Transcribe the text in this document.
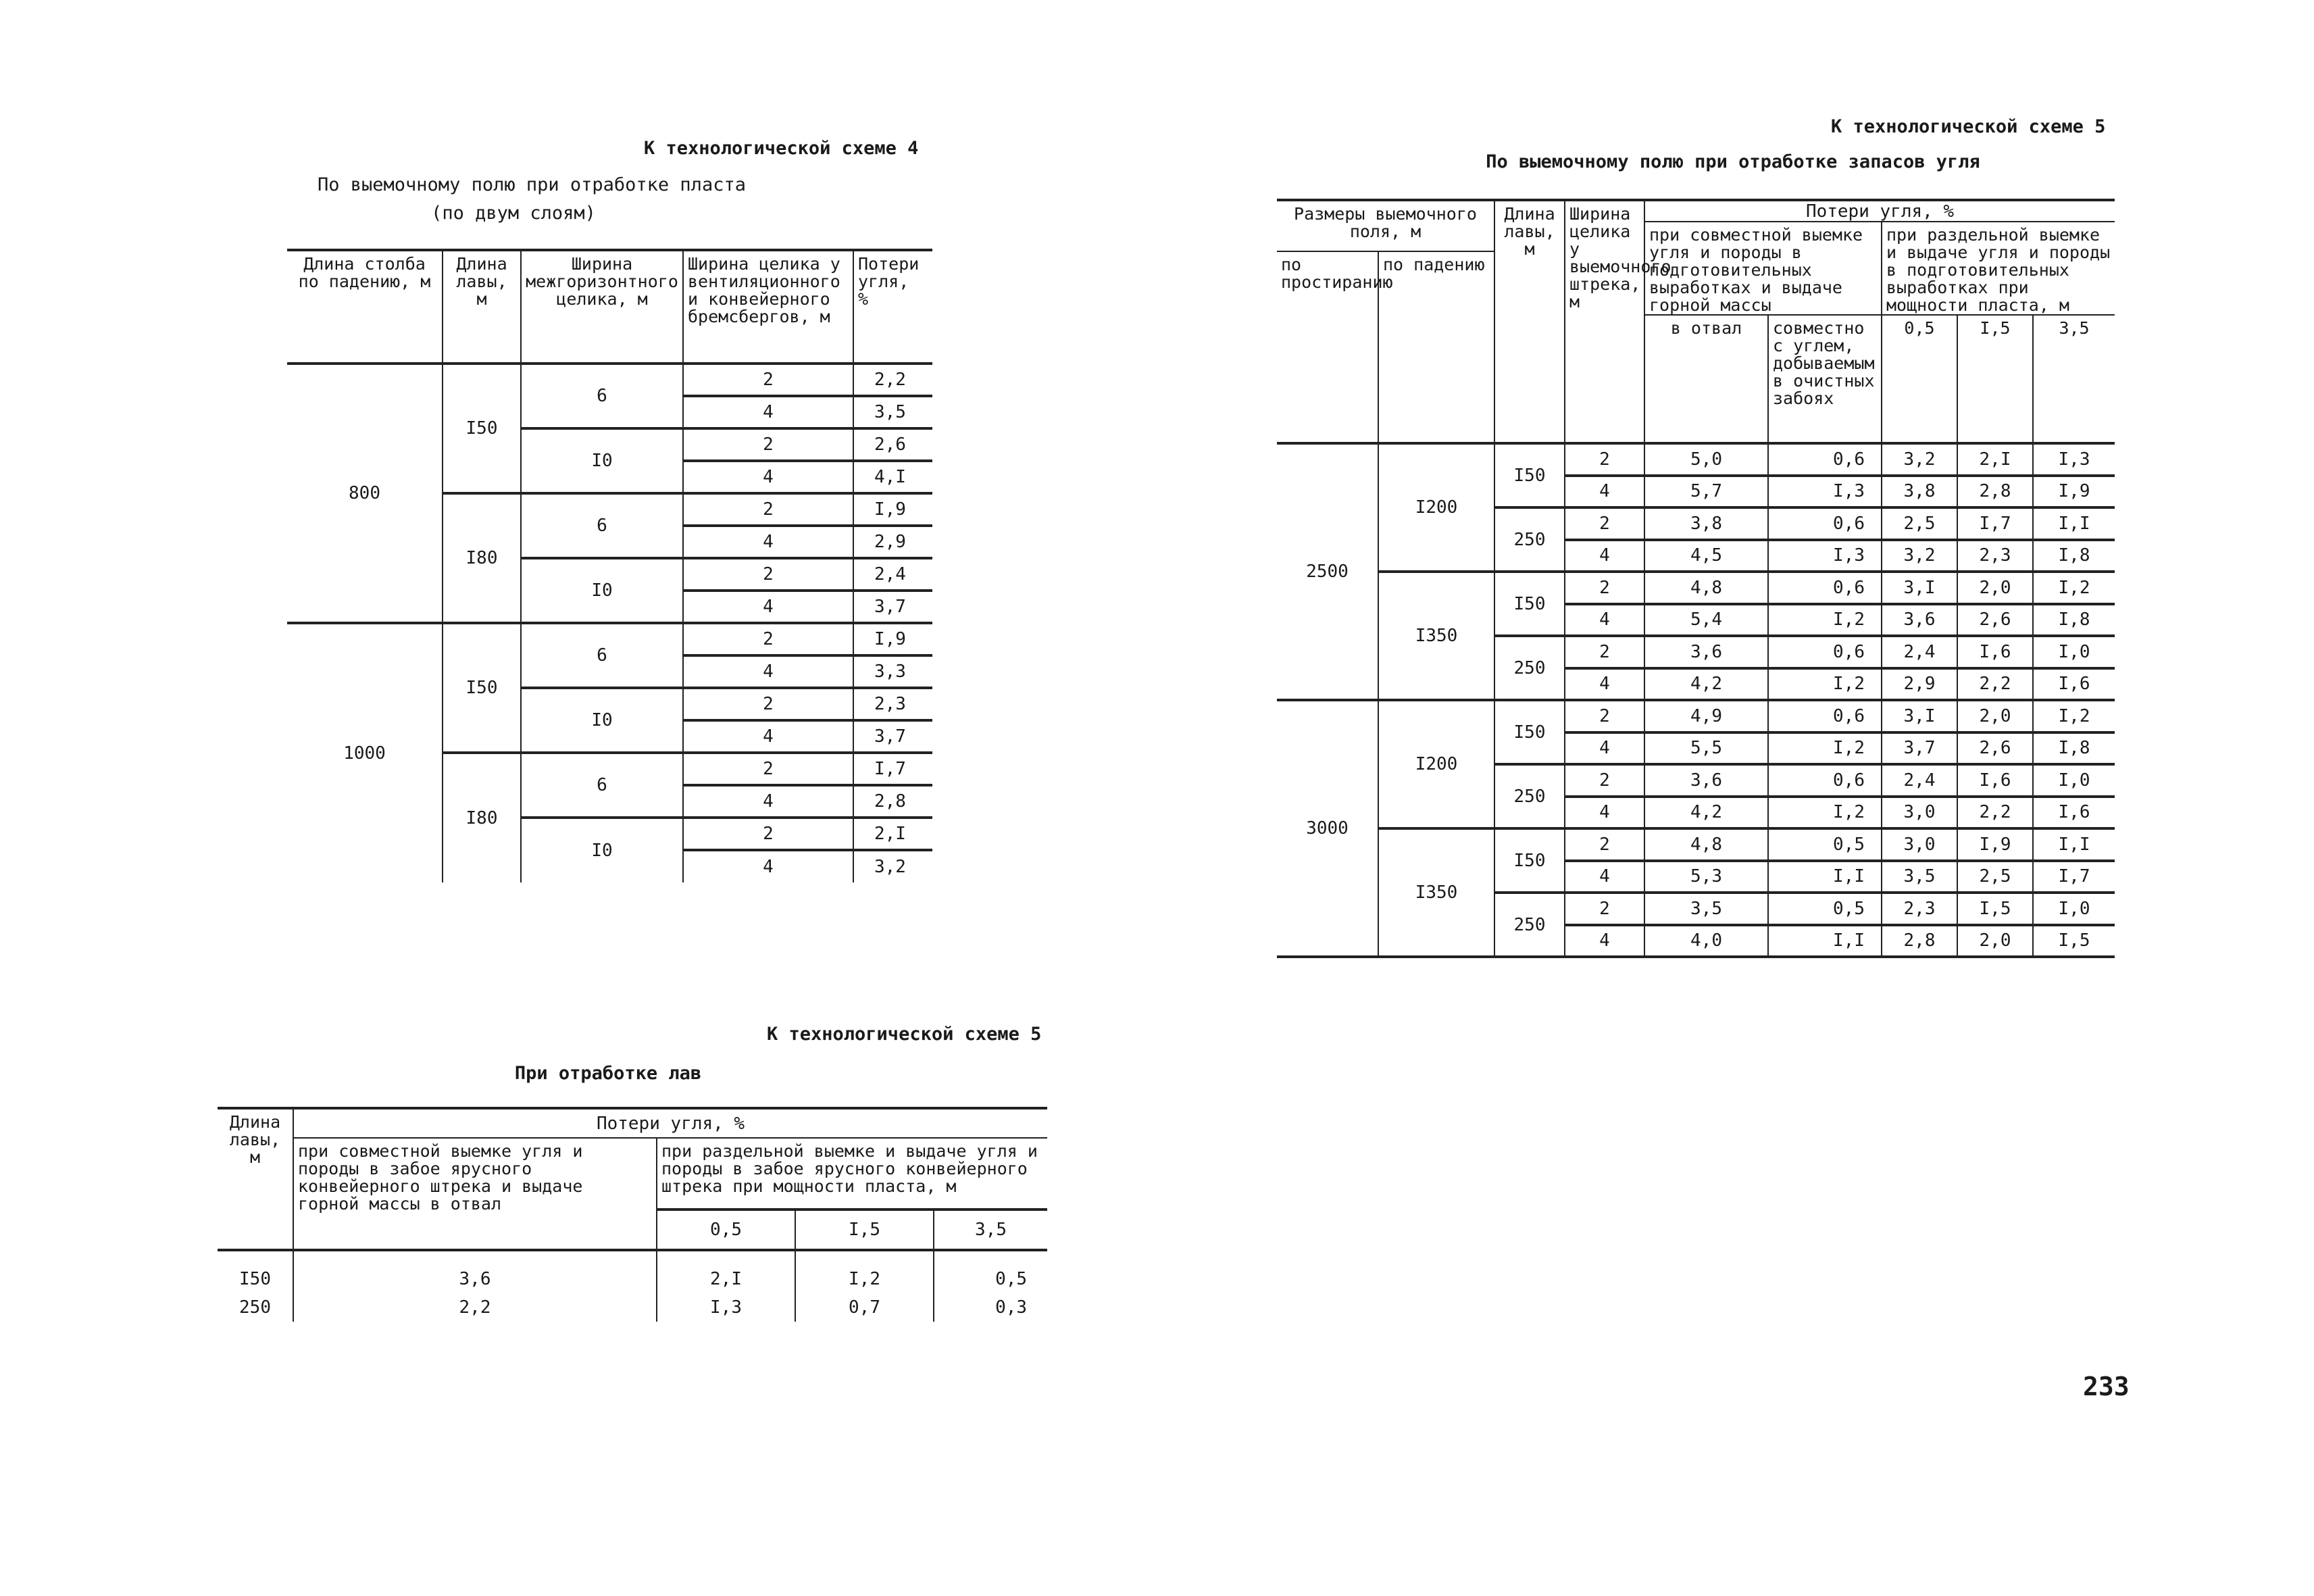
К технологической схеме 4
По выемочному полю при отработке пласта
(по двум слоям)
Длина столба по падению, м	Длина лавы, м	Ширина межгоризонтного целика, м	Ширина целика у вентиляционного и конвейерного бремсбергов, м	Потери угля, %
800	I50	6	2	2,2
			4	3,5
		I0	2	2,6
			4	4,I
	I80	6	2	I,9
			4	2,9
		I0	2	2,4
			4	3,7
1000	I50	6	2	I,9
			4	3,3
		I0	2	2,3
			4	3,7
	I80	6	2	I,7
			4	2,8
		I0	2	2,I
			4	3,2
К технологической схеме 5
При отработке лав
Длина лавы, м	Потери угля, %			
	при совместной выемке угля и породы в забое ярусного конвейерного штрека и выдаче горной массы в отвал	при раздельной выемке и выдаче угля и породы в забое ярусного конвейерного штрека при мощности пласта, м		
		0,5	I,5	3,5

I50	3,6	2,I	I,2	0,5
250	2,2	I,3	0,7	0,3
К технологической схеме 5
По выемочному полю при отработке запасов угля
Размеры выемочного поля, м		Длина лавы, м	Ширина целика у выемочного штрека, м	Потери угля, %				
				при совместной выемке угля и породы в подготовительных выработках и выдаче горной массы		при раздельной выемке и выдаче угля и породы в подготовительных выработках при мощности пласта, м		
по простиранию	по падению							
				в отвал	совместно с углем, добываемым в очистных забоях	0,5	I,5	3,5
2500	I200	I50	2	5,0	0,6	3,2	2,I	I,3
			4	5,7	I,3	3,8	2,8	I,9
		250	2	3,8	0,6	2,5	I,7	I,I
			4	4,5	I,3	3,2	2,3	I,8
	I350	I50	2	4,8	0,6	3,I	2,0	I,2
			4	5,4	I,2	3,6	2,6	I,8
		250	2	3,6	0,6	2,4	I,6	I,0
			4	4,2	I,2	2,9	2,2	I,6
3000	I200	I50	2	4,9	0,6	3,I	2,0	I,2
			4	5,5	I,2	3,7	2,6	I,8
		250	2	3,6	0,6	2,4	I,6	I,0
			4	4,2	I,2	3,0	2,2	I,6
	I350	I50	2	4,8	0,5	3,0	I,9	I,I
			4	5,3	I,I	3,5	2,5	I,7
		250	2	3,5	0,5	2,3	I,5	I,0
			4	4,0	I,I	2,8	2,0	I,5
233
